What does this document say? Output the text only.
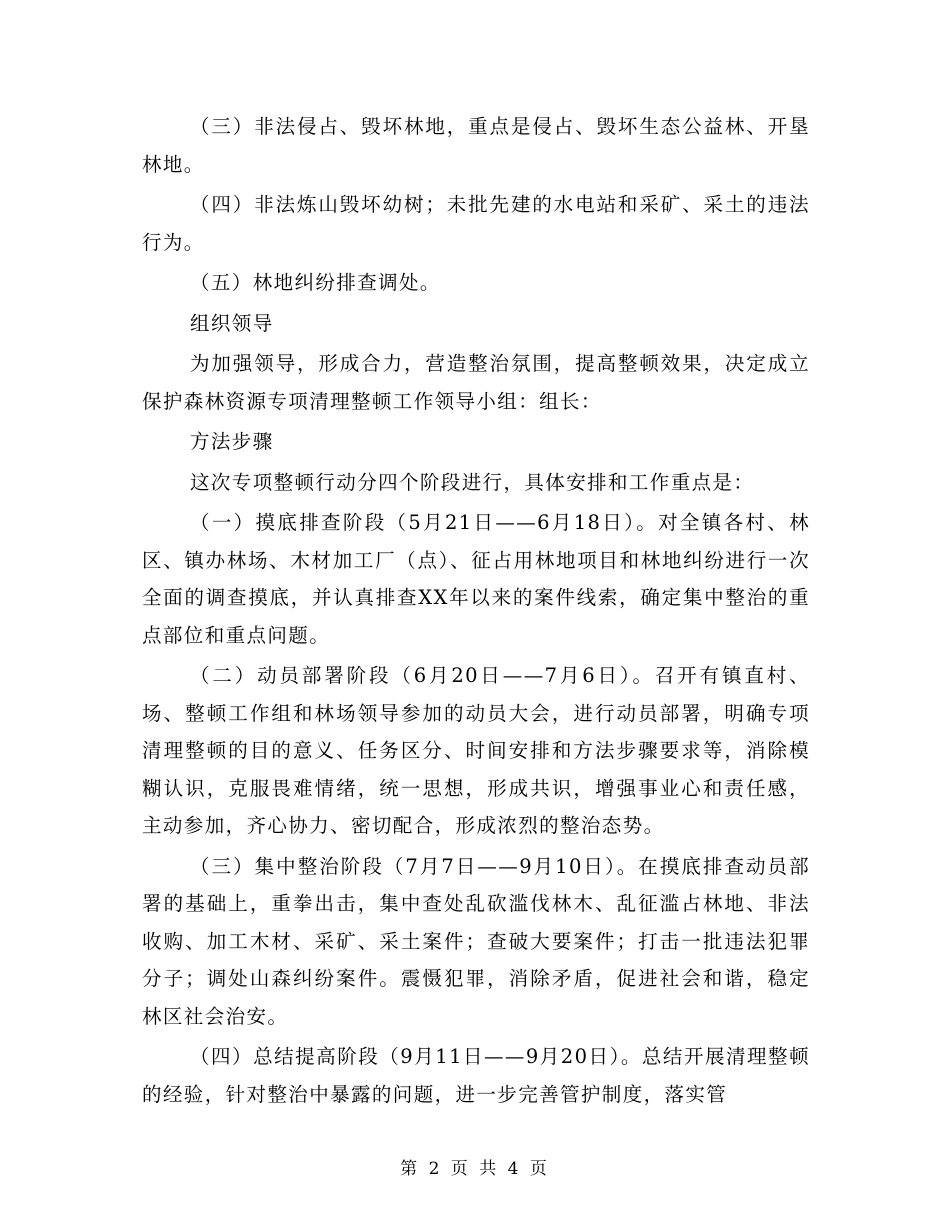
（三）非法侵占、毁坏林地，重点是侵占、毁坏生态公益林、开垦林地。

（四）非法炼山毁坏幼树；未批先建的水电站和采矿、采土的违法行为。

（五）林地纠纷排查调处。

组织领导

为加强领导，形成合力，营造整治氛围，提高整顿效果，决定成立保护森林资源专项清理整顿工作领导小组：组长：

方法步骤

这次专项整顿行动分四个阶段进行，具体安排和工作重点是：

（一）摸底排查阶段（5月21日——6月18日）。对全镇各村、林区、镇办林场、木材加工厂（点）、征占用林地项目和林地纠纷进行一次全面的调查摸底，并认真排查XX年以来的案件线索，确定集中整治的重点部位和重点问题。

（二）动员部署阶段（6月20日——7月6日）。召开有镇直村、场、整顿工作组和林场领导参加的动员大会，进行动员部署，明确专项清理整顿的目的意义、任务区分、时间安排和方法步骤要求等，消除模糊认识，克服畏难情绪，统一思想，形成共识，增强事业心和责任感，主动参加，齐心协力、密切配合，形成浓烈的整治态势。

（三）集中整治阶段（7月7日——9月10日）。在摸底排查动员部署的基础上，重拳出击，集中查处乱砍滥伐林木、乱征滥占林地、非法收购、加工木材、采矿、采土案件；查破大要案件；打击一批违法犯罪分子；调处山森纠纷案件。震慑犯罪，消除矛盾，促进社会和谐，稳定林区社会治安。

（四）总结提高阶段（9月11日——9月20日）。总结开展清理整顿的经验，针对整治中暴露的问题，进一步完善管护制度，落实管

第 2 页 共 4 页
